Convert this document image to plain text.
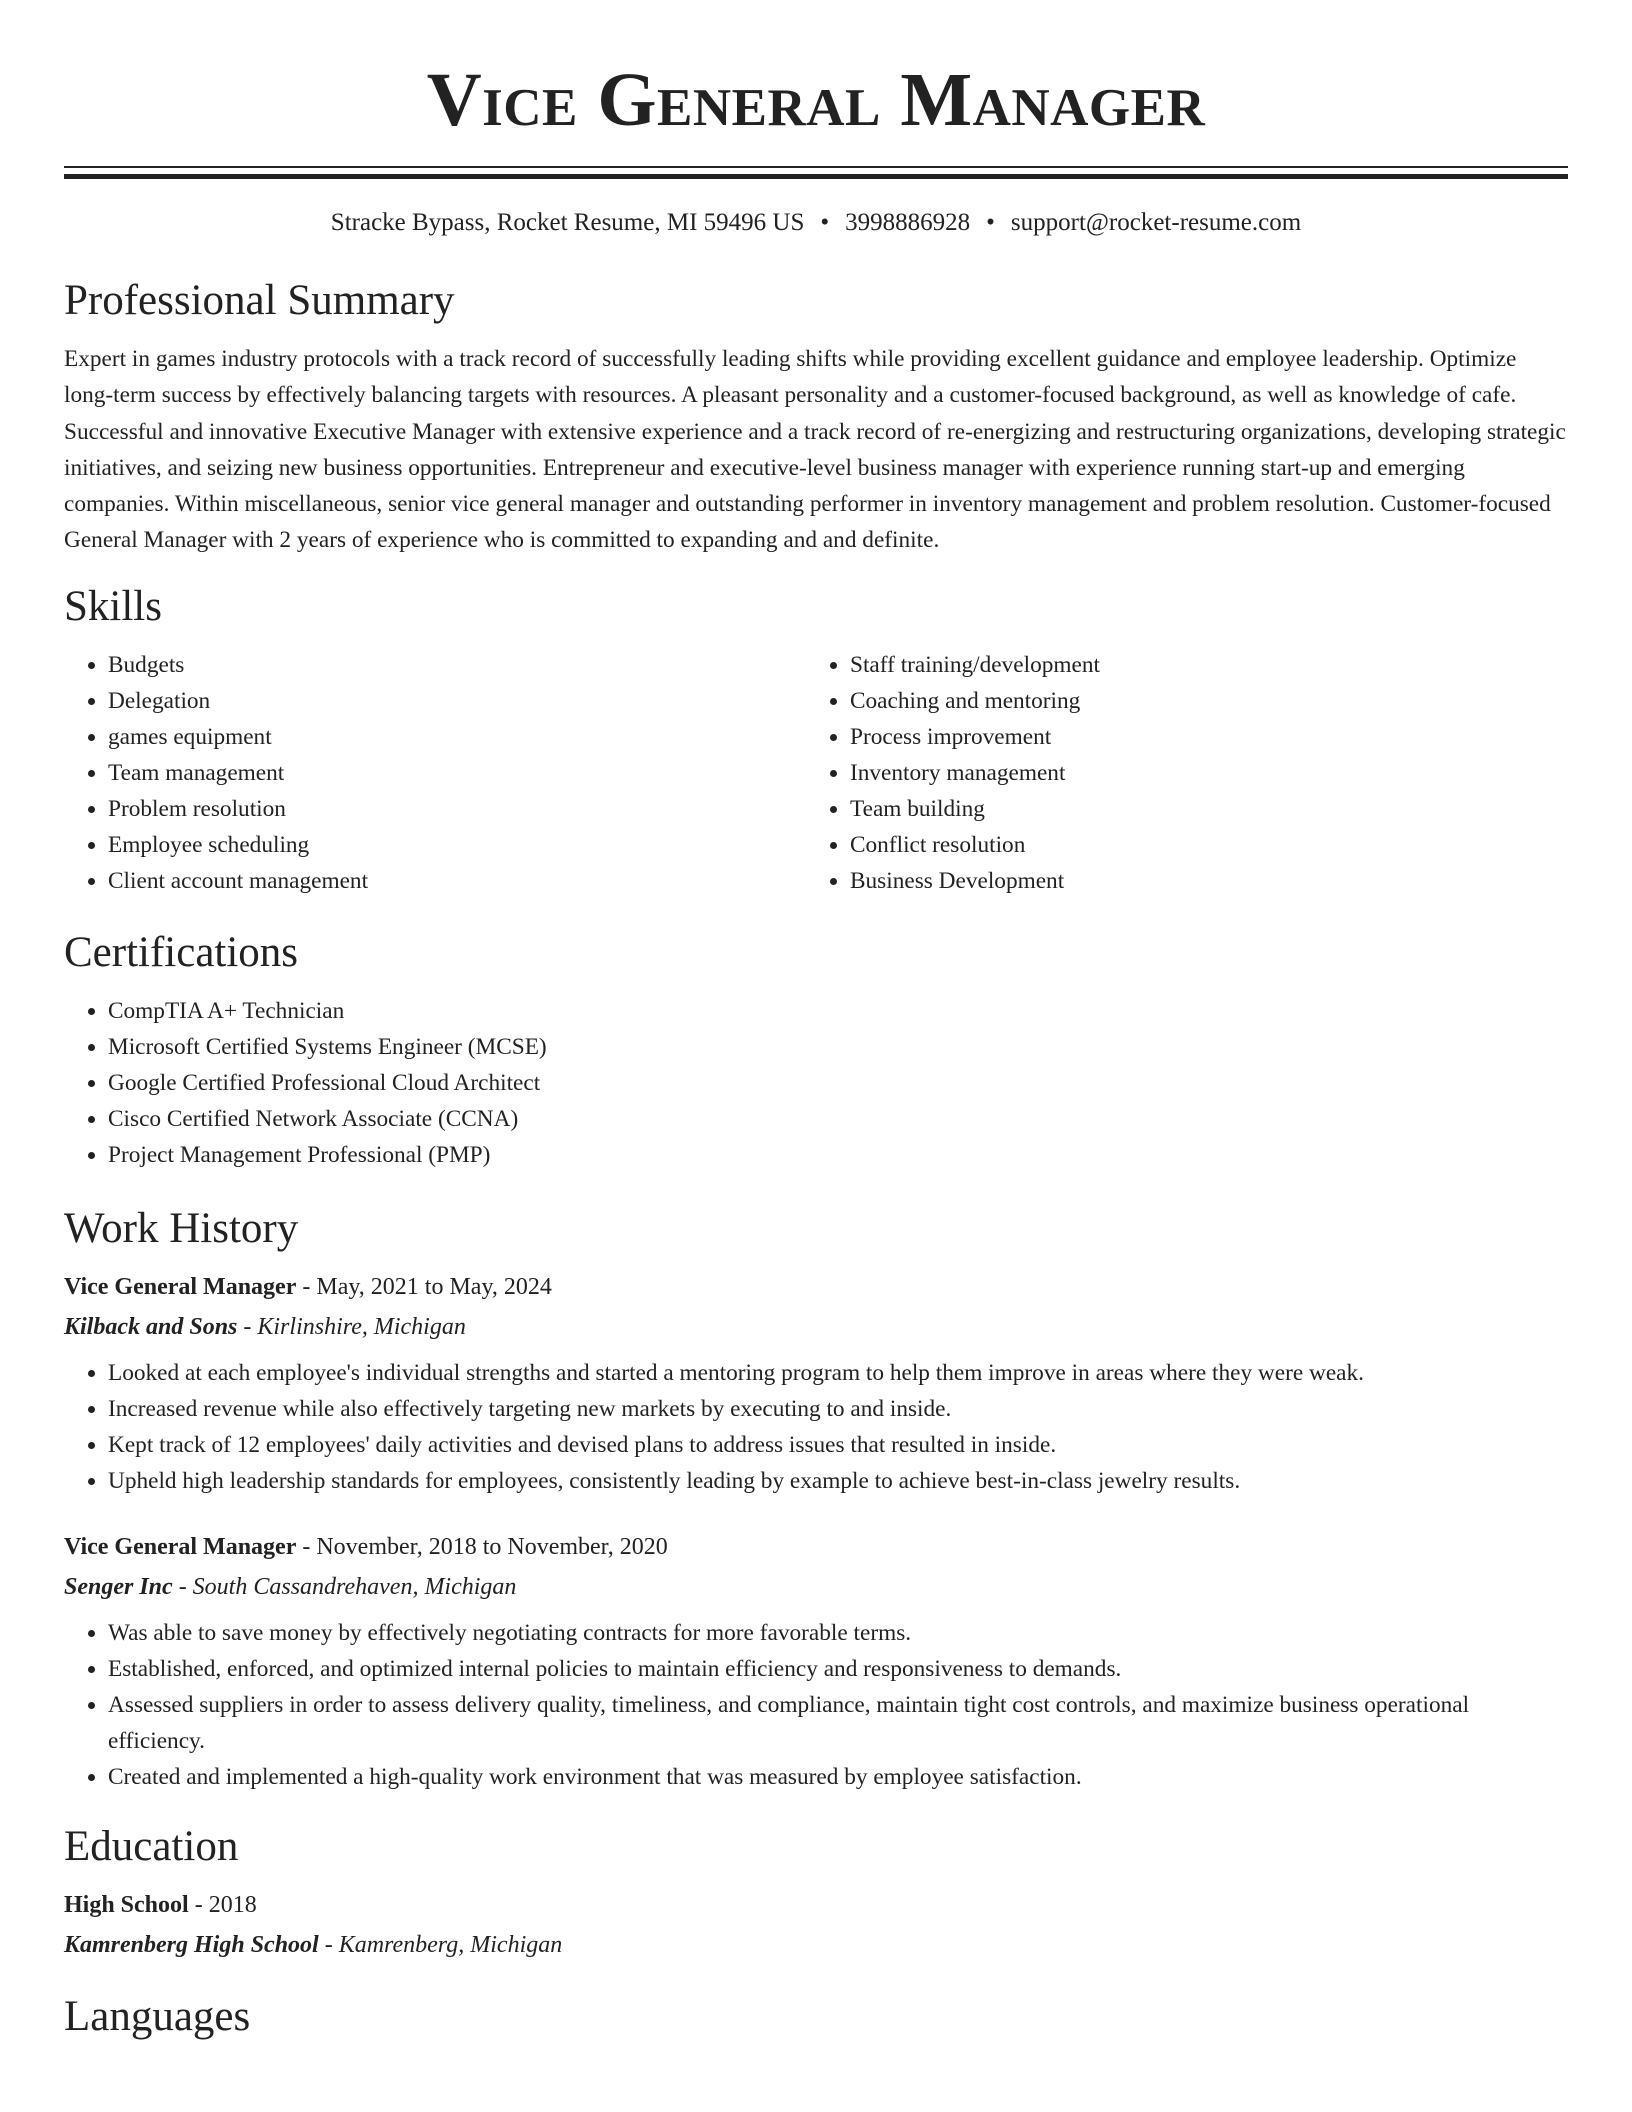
Vice General Manager
Stracke Bypass, Rocket Resume, MI 59496 US • 3998886928 • support@rocket-resume.com
Professional Summary
Expert in games industry protocols with a track record of successfully leading shifts while providing excellent guidance and employee leadership. Optimize long-term success by effectively balancing targets with resources. A pleasant personality and a customer-focused background, as well as knowledge of cafe. Successful and innovative Executive Manager with extensive experience and a track record of re-energizing and restructuring organizations, developing strategic initiatives, and seizing new business opportunities. Entrepreneur and executive-level business manager with experience running start-up and emerging companies. Within miscellaneous, senior vice general manager and outstanding performer in inventory management and problem resolution. Customer-focused General Manager with 2 years of experience who is committed to expanding and and definite.
Skills
• Budgets
• Delegation
• games equipment
• Team management
• Problem resolution
• Employee scheduling
• Client account management
• Staff training/development
• Coaching and mentoring
• Process improvement
• Inventory management
• Team building
• Conflict resolution
• Business Development
Certifications
• CompTIA A+ Technician
• Microsoft Certified Systems Engineer (MCSE)
• Google Certified Professional Cloud Architect
• Cisco Certified Network Associate (CCNA)
• Project Management Professional (PMP)
Work History
Vice General Manager - May, 2021 to May, 2024
Kilback and Sons - Kirlinshire, Michigan
• Looked at each employee's individual strengths and started a mentoring program to help them improve in areas where they were weak.
• Increased revenue while also effectively targeting new markets by executing to and inside.
• Kept track of 12 employees' daily activities and devised plans to address issues that resulted in inside.
• Upheld high leadership standards for employees, consistently leading by example to achieve best-in-class jewelry results.
Vice General Manager - November, 2018 to November, 2020
Senger Inc - South Cassandrehaven, Michigan
• Was able to save money by effectively negotiating contracts for more favorable terms.
• Established, enforced, and optimized internal policies to maintain efficiency and responsiveness to demands.
• Assessed suppliers in order to assess delivery quality, timeliness, and compliance, maintain tight cost controls, and maximize business operational efficiency.
• Created and implemented a high-quality work environment that was measured by employee satisfaction.
Education
High School - 2018
Kamrenberg High School - Kamrenberg, Michigan
Languages
